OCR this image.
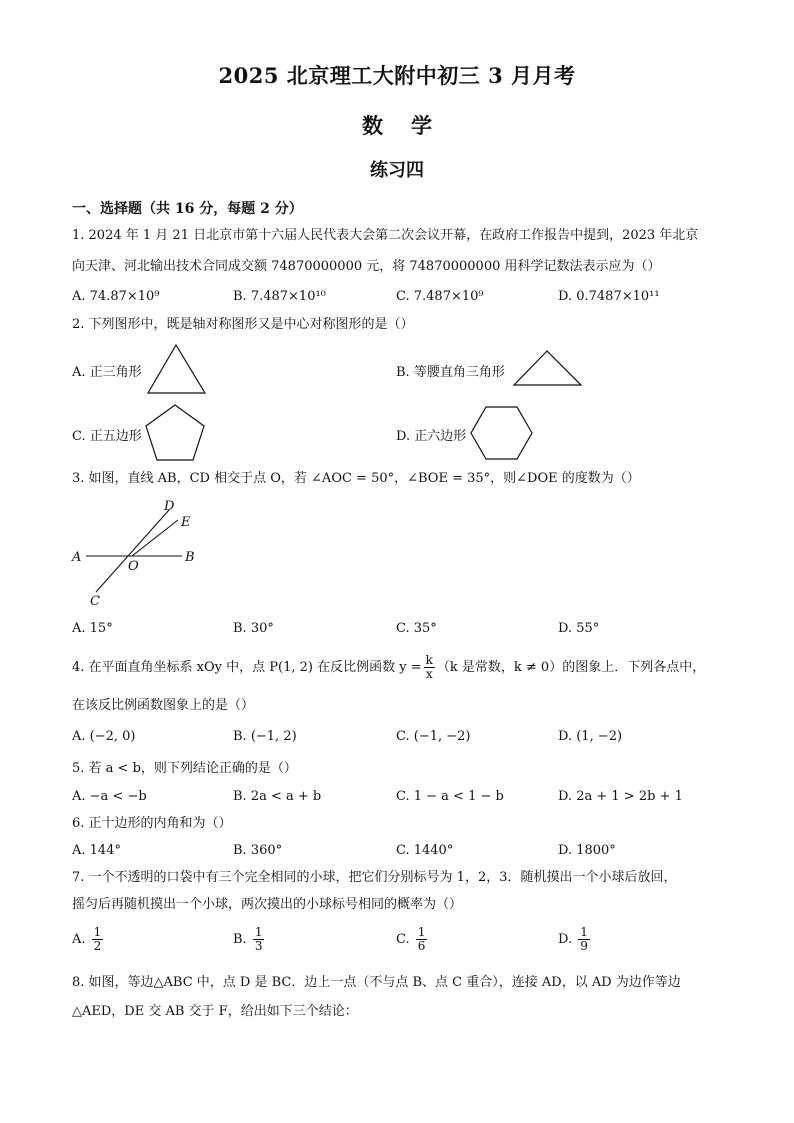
2025 北京理工大附中初三 3 月月考
数学
练习四
一、选择题（共 16 分，每题 2 分）
1. 2024 年 1 月 21 日北京市第十六届人民代表大会第二次会议开幕，在政府工作报告中提到，2023 年北京
向天津、河北输出技术合同成交额 74870000000 元，将 74870000000 用科学记数法表示应为（）
A. 74.87×10⁹	B. 7.487×10¹⁰	C. 7.487×10⁹	D. 0.7487×10¹¹
2. 下列图形中，既是轴对称图形又是中心对称图形的是（）
A. 正三角形	B. 等腰直角三角形
C. 正五边形	D. 正六边形
3. 如图，直线 AB，CD 相交于点 O，若 ∠AOC = 50°，∠BOE = 35°，则∠DOE 的度数为（）
A	B
C
D
E
O
A. 15°	B. 30°	C. 35°	D. 55°
4. 在平面直角坐标系 xOy 中，点 P(1, 2) 在反比例函数 $y = \frac{k}{x} (k$ 是常数，k ≠ 0）的图象上．下列各点中，
在该反比例函数图象上的是（）
A. (−2, 0)	B. (−1, 2)	C. (−1, −2)	D. (1, −2)
5. 若 a < b，则下列结论正确的是（）
A. −a < −b	B. 2a < a + b	C. 1 − a < 1 − b	D. 2a + 1 > 2b + 1
6. 正十边形的内角和为（）
A. 144°	B. 360°	C. 1440°	D. 1800°
7. 一个不透明的口袋中有三个完全相同的小球，把它们分别标号为 1，2，3．随机摸出一个小球后放回，
摇匀后再随机摸出一个小球，两次摸出的小球标号相同的概率为（）
A. $\frac{1}{2}$	B. $\frac{1}{3}$	C. $\frac{1}{6}$	D. $\frac{1}{9}$
8. 如图，等边△ABC 中，点 D 是 BC．边上一点（不与点 B、点 C 重合），连接 AD，以 AD 为边作等边
△AED，DE 交 AB 交于 F，给出如下三个结论：
